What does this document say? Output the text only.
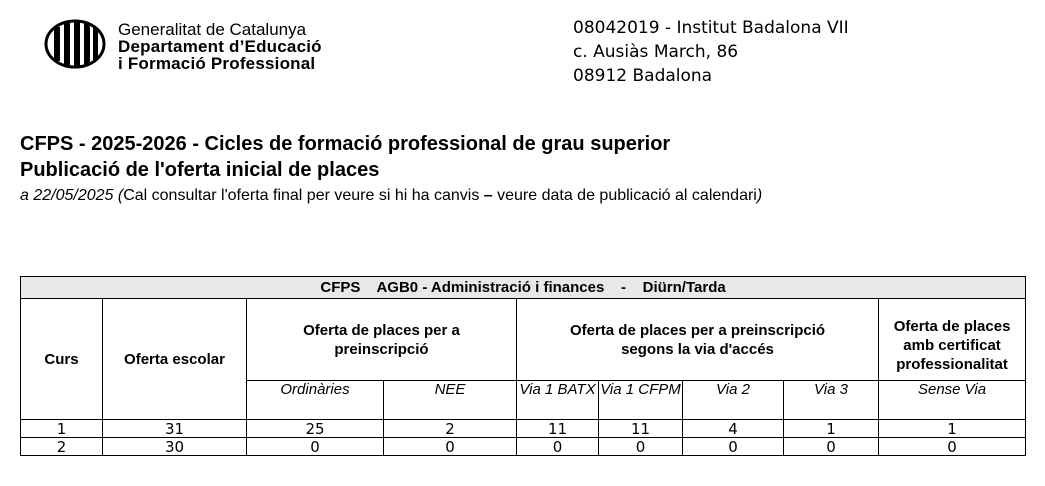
Generalitat de Catalunya
Departament d’Educació
i Formació Professional
08042019 - Institut Badalona VII
c. Ausiàs March, 86
08912 Badalona
CFPS - 2025-2026 - Cicles de formació professional de grau superior
Publicació de l'oferta inicial de places
a 22/05/2025 (Cal consultar l'oferta final per veure si hi ha canvis – veure data de publicació al calendari)
CFPS    AGB0 - Administració i finances    -    Diürn/Tarda								
Curs	Oferta escolar	Oferta de places per a preinscripció		Oferta de places per a preinscripció segons la via d'accés				Oferta de places amb certificat professionalitat
		Ordinàries	NEE	Via 1 BATX	Via 1 CFPM	Via 2	Via 3	Sense Via
1	31	25	2	11	11	4	1	1
2	30	0	0	0	0	0	0	0
